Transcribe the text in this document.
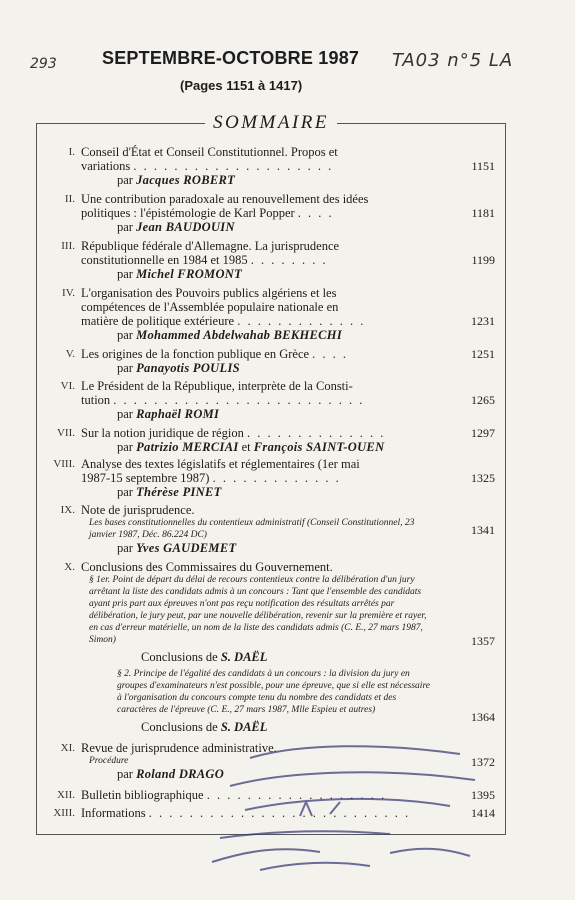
293	TA03 n°5 LA
SEPTEMBRE-OCTOBRE 1987
(Pages 1151 à 1417)
SOMMAIRE
I. Conseil d'État et Conseil Constitutionnel. Propos et
variations . . . . . . . . . . . . . . . . . . . .
par Jacques ROBERT
1151
II. Une contribution paradoxale au renouvellement des idées
politiques : l'épistémologie de Karl Popper . . . .
par Jean BAUDOUIN
1181
III. République fédérale d'Allemagne. La jurisprudence
constitutionnelle en 1984 et 1985 . . . . . . . .
par Michel FROMONT
1199
IV. L'organisation des Pouvoirs publics algériens et les
compétences de l'Assemblée populaire nationale en
matière de politique extérieure . . . . . . . . . . . . .
par Mohammed Abdelwahab BEKHECHI
1231
V. Les origines de la fonction publique en Grèce . . . .
par Panayotis POULIS
1251
VI. Le Président de la République, interprète de la Consti-
tution . . . . . . . . . . . . . . . . . . . . . . . . .
par Raphaël ROMI
1265
VII. Sur la notion juridique de région . . . . . . . . . . . . . .
par Patrizio MERCIAI et François SAINT-OUEN
1297
VIII. Analyse des textes législatifs et réglementaires (1er mai
1987-15 septembre 1987) . . . . . . . . . . . . .
par Thérèse PINET
1325
IX. Note de jurisprudence.
Les bases constitutionnelles du contentieux administratif (Conseil Constitutionnel, 23 janvier 1987, Déc. 86.224 DC)
par Yves GAUDEMET
1341
X. Conclusions des Commissaires du Gouvernement.
§ 1er. Point de départ du délai de recours contentieux contre la délibération d'un jury arrêtant la liste des candidats admis à un concours : Tant que l'ensemble des candidats ayant pris part aux épreuves n'ont pas reçu notification des résultats arrêtés par délibération, le jury peut, par une nouvelle délibération, revenir sur la première et rayer, en cas d'erreur matérielle, un nom de la liste des candidats admis (C. E., 27 mars 1987, Simon)	1357
Conclusions de S. DAËL
§ 2. Principe de l'égalité des candidats à un concours : la division du jury en groupes d'examinateurs n'est possible, pour une épreuve, que si elle est nécessaire à l'organisation du concours compte tenu du nombre des candidats et des caractères de l'épreuve (C. E., 27 mars 1987, Mlle Espieu et autres)	1364
Conclusions de S. DAËL
XI. Revue de jurisprudence administrative.
Procédure
par Roland DRAGO
1372
XII. Bulletin bibliographique . . . . . . . . . . . . . . . . . .	1395
XIII. Informations . . . . . . . . . . . . . . . . . . . . . . . . . .	1414
